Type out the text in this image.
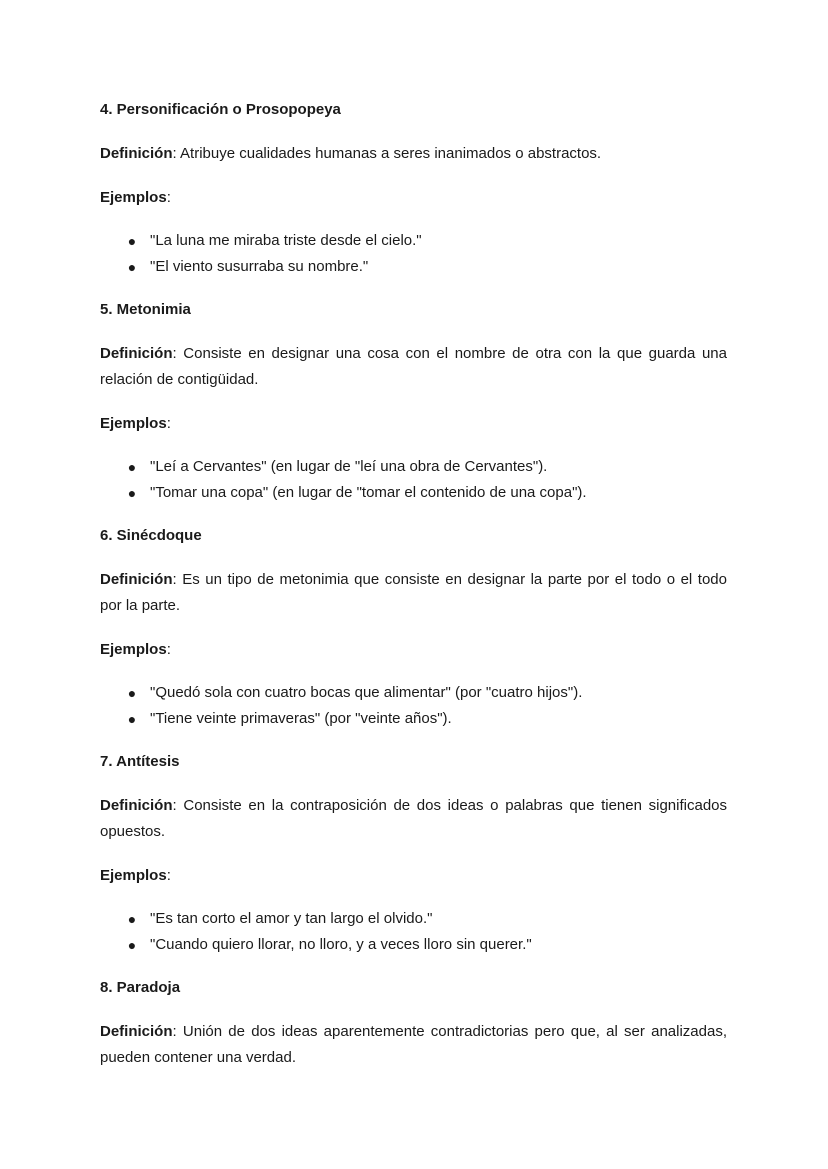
4. Personificación o Prosopopeya
Definición: Atribuye cualidades humanas a seres inanimados o abstractos.
Ejemplos:
● "La luna me miraba triste desde el cielo."
● "El viento susurraba su nombre."
5. Metonimia
Definición: Consiste en designar una cosa con el nombre de otra con la que guarda una relación de contigüidad.
Ejemplos:
● "Leí a Cervantes" (en lugar de "leí una obra de Cervantes").
● "Tomar una copa" (en lugar de "tomar el contenido de una copa").
6. Sinécdoque
Definición: Es un tipo de metonimia que consiste en designar la parte por el todo o el todo por la parte.
Ejemplos:
● "Quedó sola con cuatro bocas que alimentar" (por "cuatro hijos").
● "Tiene veinte primaveras" (por "veinte años").
7. Antítesis
Definición: Consiste en la contraposición de dos ideas o palabras que tienen significados opuestos.
Ejemplos:
● "Es tan corto el amor y tan largo el olvido."
● "Cuando quiero llorar, no lloro, y a veces lloro sin querer."
8. Paradoja
Definición: Unión de dos ideas aparentemente contradictorias pero que, al ser analizadas, pueden contener una verdad.
